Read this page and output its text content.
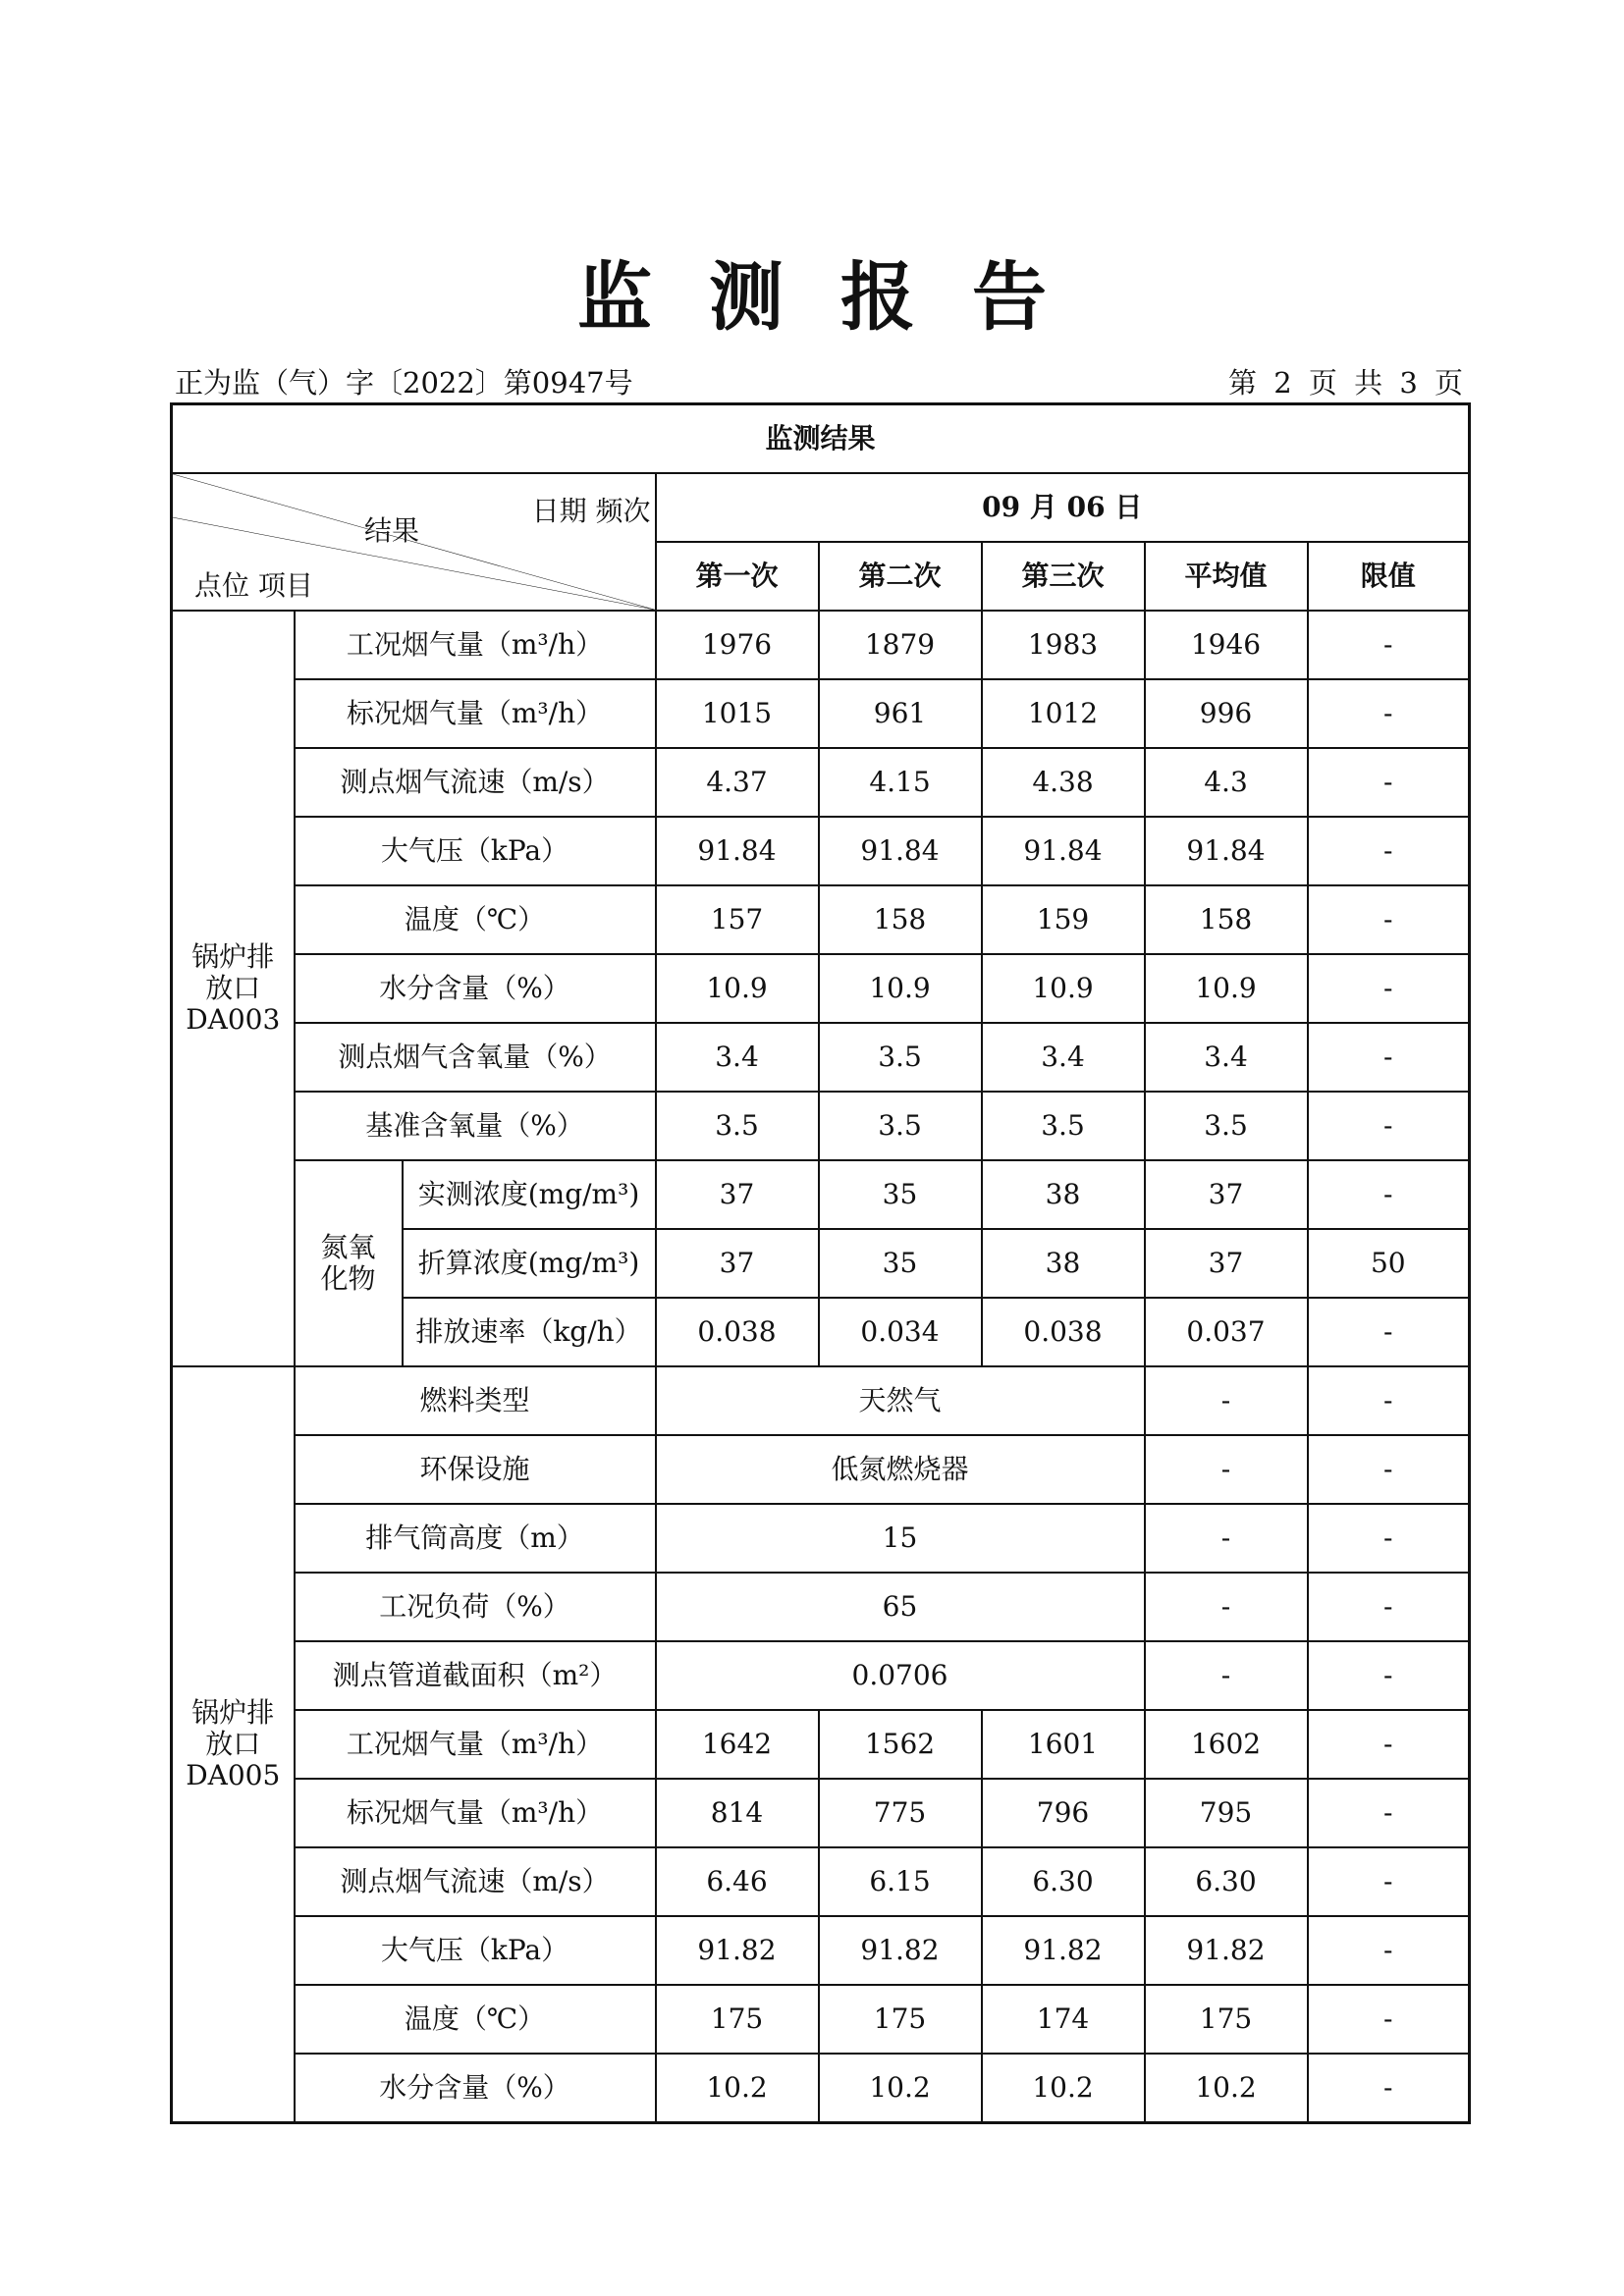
监测报告
正为监（气）字〔2022〕第0947号	第 2 页 共 3 页
监测结果							

日期 频次
结果
点位 项目			09 月 06 日				
			第一次	第二次	第三次	平均值	限值
锅炉排
放口
DA003	工况烟气量（m³/h）		1976	1879	1983	1946	-
	标况烟气量（m³/h）		1015	961	1012	996	-
	测点烟气流速（m/s）		4.37	4.15	4.38	4.3	-
	大气压（kPa）		91.84	91.84	91.84	91.84	-
	温度（℃）		157	158	159	158	-
	水分含量（%）		10.9	10.9	10.9	10.9	-
	测点烟气含氧量（%）		3.4	3.5	3.4	3.4	-
	基准含氧量（%）		3.5	3.5	3.5	3.5	-
	氮氧
化物	实测浓度(mg/m³)	37	35	38	37	-
		折算浓度(mg/m³)	37	35	38	37	50
		排放速率（kg/h）	0.038	0.034	0.038	0.037	-
锅炉排
放口
DA005	燃料类型		天然气			-	-
	环保设施		低氮燃烧器			-	-
	排气筒高度（m）		15			-	-
	工况负荷（%）		65			-	-
	测点管道截面积（m²）		0.0706			-	-
	工况烟气量（m³/h）		1642	1562	1601	1602	-
	标况烟气量（m³/h）		814	775	796	795	-
	测点烟气流速（m/s）		6.46	6.15	6.30	6.30	-
	大气压（kPa）		91.82	91.82	91.82	91.82	-
	温度（℃）		175	175	174	175	-
	水分含量（%）		10.2	10.2	10.2	10.2	-
